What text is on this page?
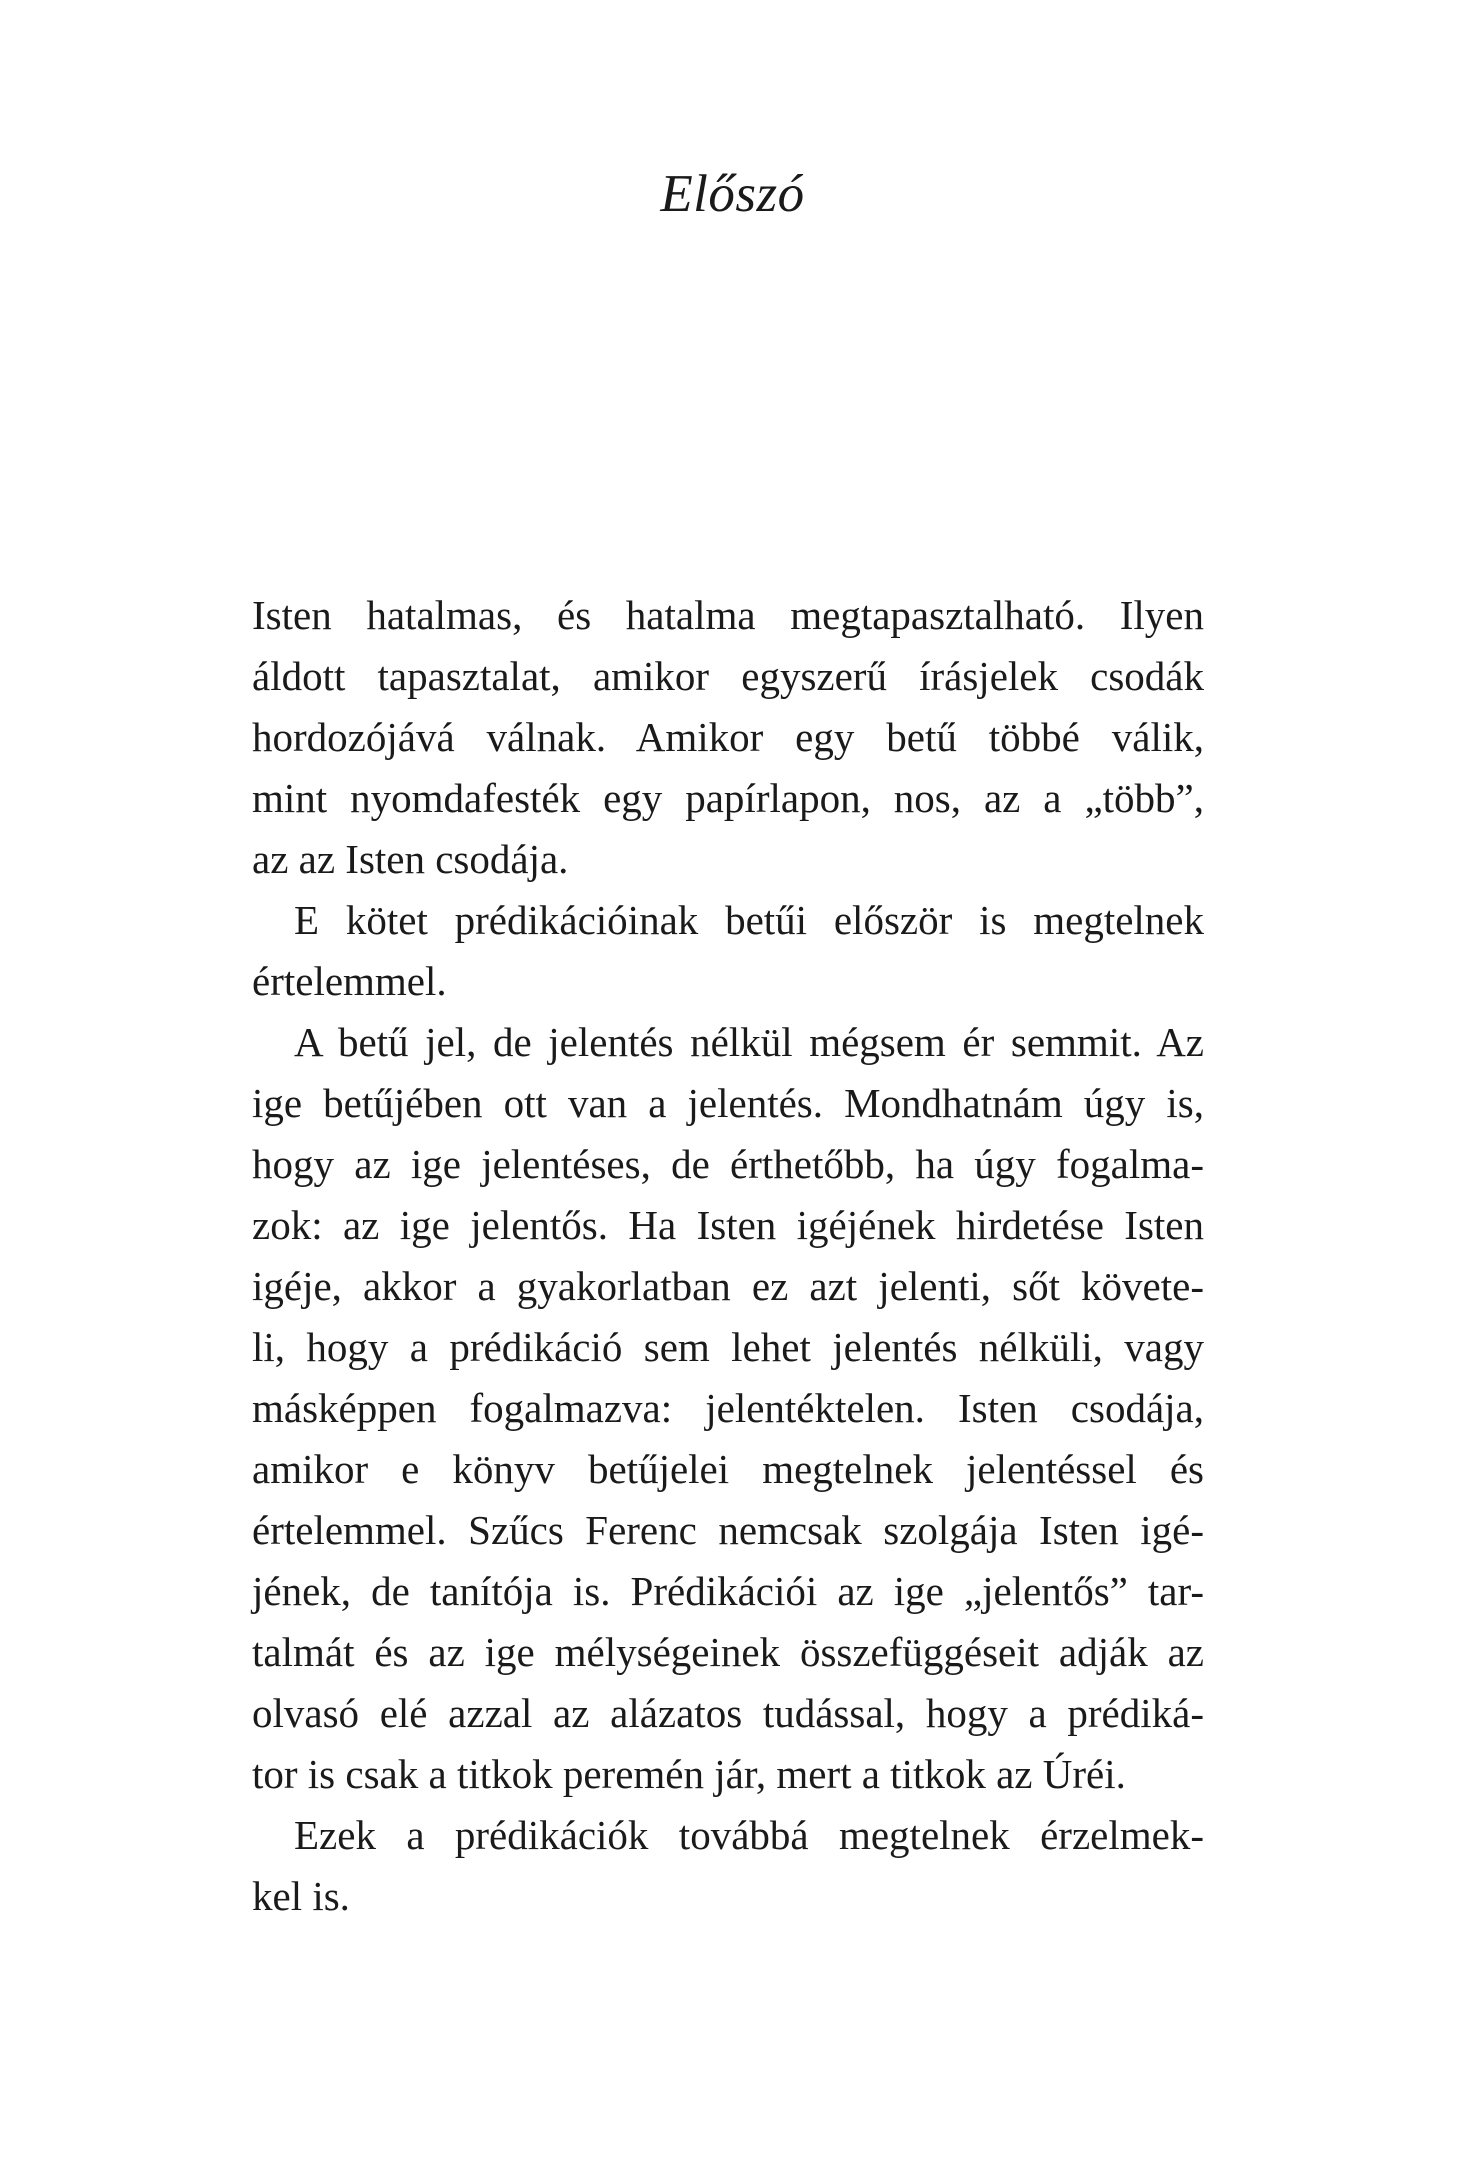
Előszó
Isten hatalmas, és hatalma megtapasztalható. Ilyen
áldott tapasztalat, amikor egyszerű írásjelek csodák
hordozójává válnak. Amikor egy betű többé válik,
mint nyomdafesték egy papírlapon, nos, az a „több”,
az az Isten csodája.
E kötet prédikációinak betűi először is megtelnek
értelemmel.
A betű jel, de jelentés nélkül mégsem ér semmit. Az
ige betűjében ott van a jelentés. Mondhatnám úgy is,
hogy az ige jelentéses, de érthetőbb, ha úgy fogalma-
zok: az ige jelentős. Ha Isten igéjének hirdetése Isten
igéje, akkor a gyakorlatban ez azt jelenti, sőt követe-
li, hogy a prédikáció sem lehet jelentés nélküli, vagy
másképpen fogalmazva: jelentéktelen. Isten csodája,
amikor e könyv betűjelei megtelnek jelentéssel és
értelemmel. Szűcs Ferenc nemcsak szolgája Isten igé-
jének, de tanítója is. Prédikációi az ige „jelentős” tar-
talmát és az ige mélységeinek összefüggéseit adják az
olvasó elé azzal az alázatos tudással, hogy a prédiká-
tor is csak a titkok peremén jár, mert a titkok az Úréi.
Ezek a prédikációk továbbá megtelnek érzelmek-
kel is.
